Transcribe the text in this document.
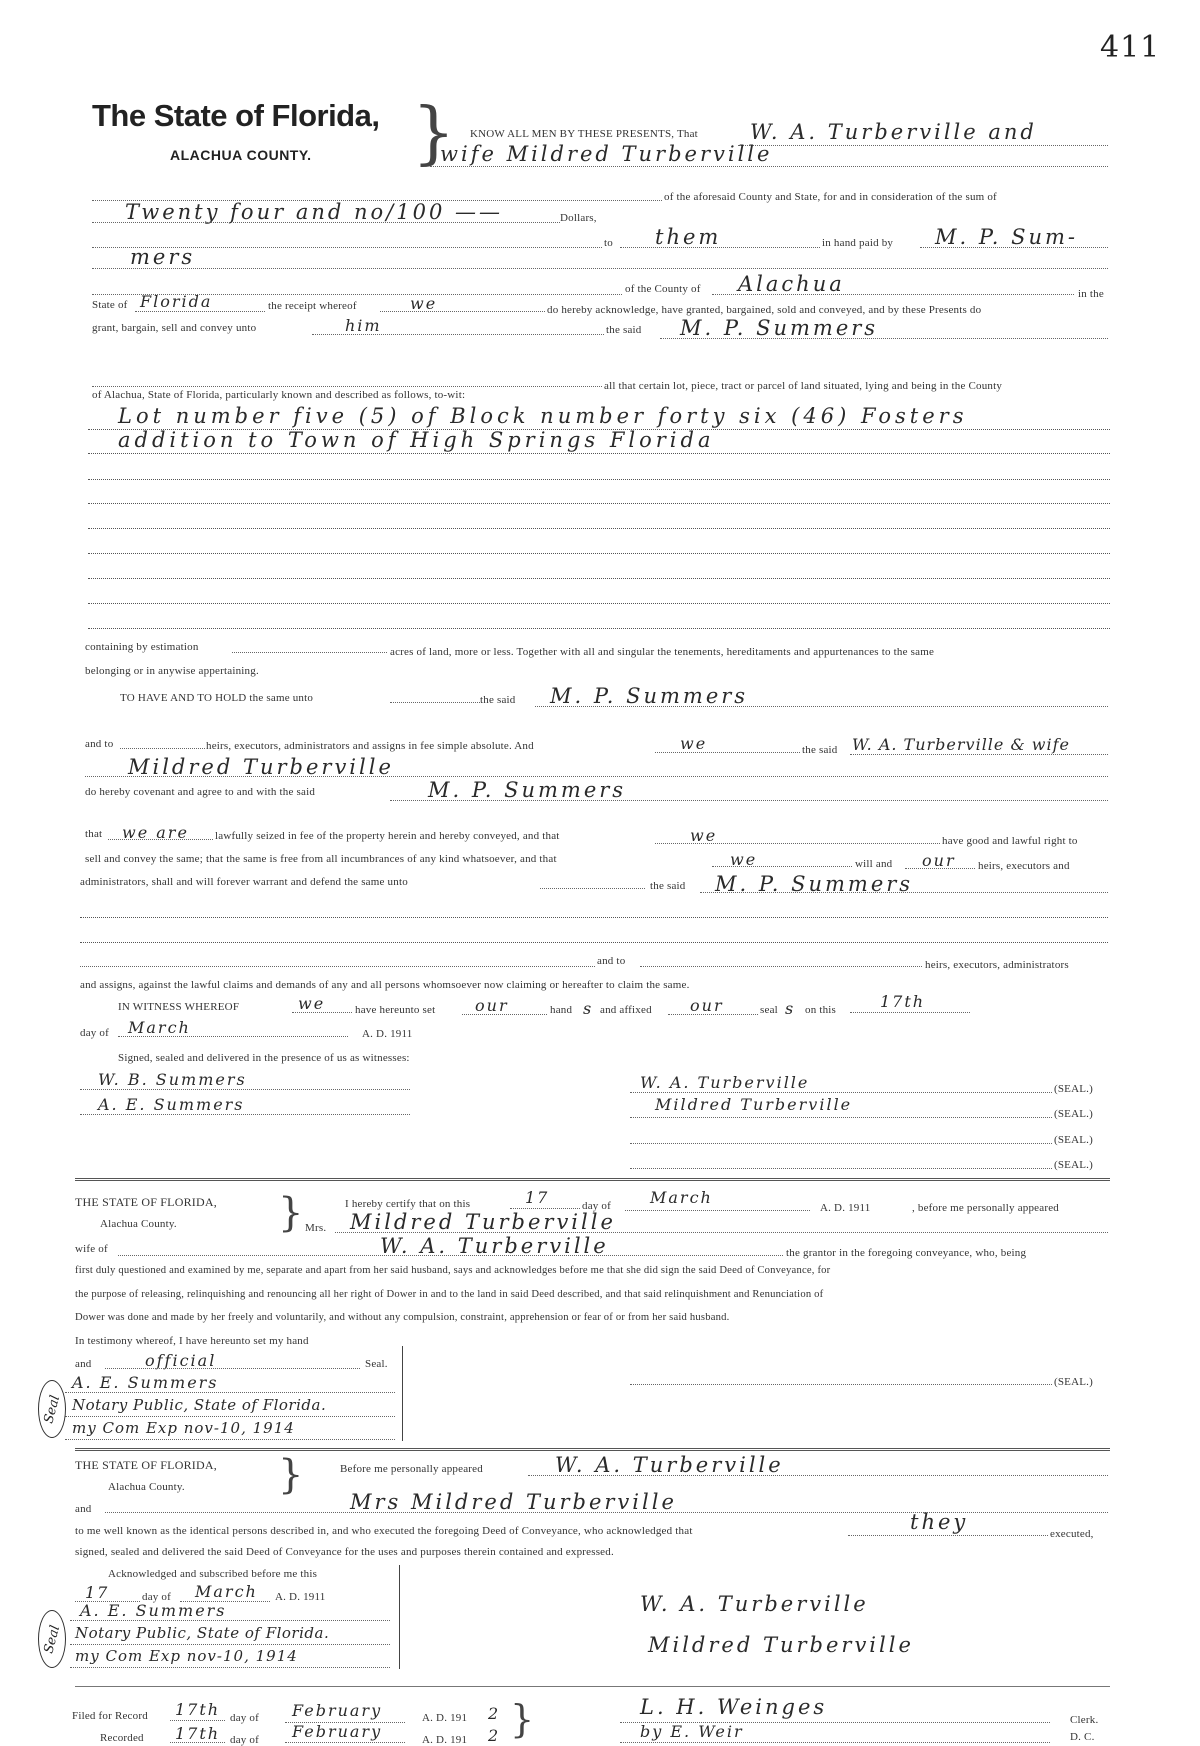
411
The State of Florida,
ALACHUA COUNTY. } KNOW ALL MEN BY THESE PRESENTS, That W. A. Turberville and
wife Mildred Turberville
of the aforesaid County and State, for and in consideration of the sum of
Twenty four and no/100 ——	Dollars,
to them	in hand paid by M. P. Sum-
mers
of the County of Alachua	in the
State of Florida	the receipt whereof	we	do hereby acknowledge, have granted, bargained, sold and conveyed, and by these Presents do
grant, bargain, sell and convey unto	him	the said M. P. Summers
all that certain lot, piece, tract or parcel of land situated, lying and being in the County
of Alachua, State of Florida, particularly known and described as follows, to-wit:
Lot number five (5) of Block number forty six (46) Fosters
addition to Town of High Springs Florida
containing by estimation	acres of land, more or less. Together with all and singular the tenements, hereditaments and appurtenances to the same
belonging or in anywise appertaining.
TO HAVE AND TO HOLD the same unto	the said M. P. Summers
and to	heirs, executors, administrators and assigns in fee simple absolute. And	we	the said W. A. Turberville & wife
Mildred Turberville
do hereby covenant and agree to and with the said	M. P. Summers
that we are lawfully seized in fee of the property herein and hereby conveyed, and that	we	have good and lawful right to
sell and convey the same; that the same is free from all incumbrances of any kind whatsoever, and that	we	will and our heirs, executors and
administrators, shall and will forever warrant and defend the same unto	the said M. P. Summers
and to	heirs, executors, administrators
and assigns, against the lawful claims and demands of any and all persons whomsoever now claiming or hereafter to claim the same.
IN WITNESS WHEREOF	we	have hereunto set our	hand s and affixed our	seal s on this	17th
day of March	A. D. 1911
Signed, sealed and delivered in the presence of us as witnesses:
W. B. Summers
A. E. Summers
W. A. Turberville	(SEAL.)
Mildred Turberville	(SEAL.)
(SEAL.)
(SEAL.)
THE STATE OF FLORIDA,
Alachua County.	}	I hereby certify that on this	17	day of March
A. D. 1911	, before me personally appeared
Mrs. Mildred Turberville
wife of	W. A. Turberville	the grantor in the foregoing conveyance, who, being
first duly questioned and examined by me, separate and apart from her said husband, says and acknowledges before me that she did sign the said Deed of Conveyance, for
the purpose of releasing, relinquishing and renouncing all her right of Dower in and to the land in said Deed described, and that said relinquishment and Renunciation of
Dower was done and made by her freely and voluntarily, and without any compulsion, constraint, apprehension or fear of or from her said husband.
In testimony whereof, I have hereunto set my hand
and	official	Seal.
A. E. Summers
Notary Public, State of Florida.
my Com Exp nov-10, 1914
Seal
(SEAL.)
THE STATE OF FLORIDA,
Alachua County. }	Before me personally appeared	W. A. Turberville
and	Mrs Mildred Turberville
to me well known as the identical persons described in, and who executed the foregoing Deed of Conveyance, who acknowledged that	they	executed,
signed, sealed and delivered the said Deed of Conveyance for the uses and purposes therein contained and expressed.
Acknowledged and subscribed before me this
17	day of March A. D. 1911
A. E. Summers
Notary Public, State of Florida.
my Com Exp nov-10, 1914
Seal
W. A. Turberville
Mildred Turberville
Filed for Record 17th day of February	A. D. 191 2
Recorded 17th day of February	A. D. 191 2 }	L. H. Weinges
Clerk.
by E. Weir	D. C.
